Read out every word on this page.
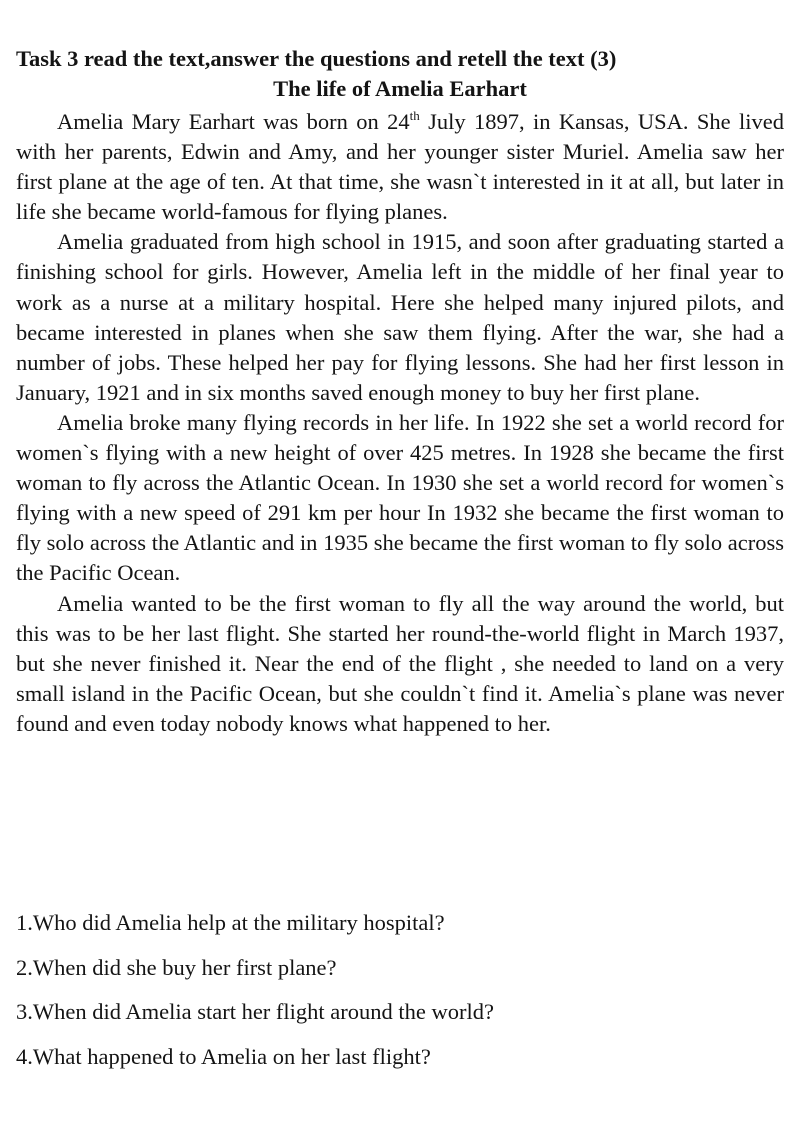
Task 3 read the text,answer the questions and retell the text (3)
The life of Amelia Earhart

Amelia Mary Earhart was born on 24th July 1897, in Kansas, USA. She lived with her parents, Edwin and Amy, and her younger sister Muriel. Amelia saw her first plane at the age of ten. At that time, she wasn`t interested in it at all, but later in life she became world-famous for flying planes.

Amelia graduated from high school in 1915, and soon after graduating started a finishing school for girls. However, Amelia left in the middle of her final year to work as a nurse at a military hospital. Here she helped many injured pilots, and became interested in planes when she saw them flying. After the war, she had a number of jobs. These helped her pay for flying lessons. She had her first lesson in January, 1921 and in six months saved enough money to buy her first plane.

Amelia broke many flying records in her life. In 1922 she set a world record for women`s flying with a new height of over 425 metres. In 1928 she became the first woman to fly across the Atlantic Ocean. In 1930 she set a world record for women`s flying with a new speed of 291 km per hour In 1932 she became the first woman to fly solo across the Atlantic and in 1935 she became the first woman to fly solo across the Pacific Ocean.

Amelia wanted to be the first woman to fly all the way around the world, but this was to be her last flight. She started her round-the-world flight in March 1937, but she never finished it. Near the end of the flight , she needed to land on a very small island in the Pacific Ocean, but she couldn`t find it. Amelia`s plane was never found and even today nobody knows what happened to her.

1.Who did Amelia help at the military hospital?
2.When did she buy her first plane?
3.When did Amelia start her flight around the world?
4.What happened to Amelia on her last flight?
